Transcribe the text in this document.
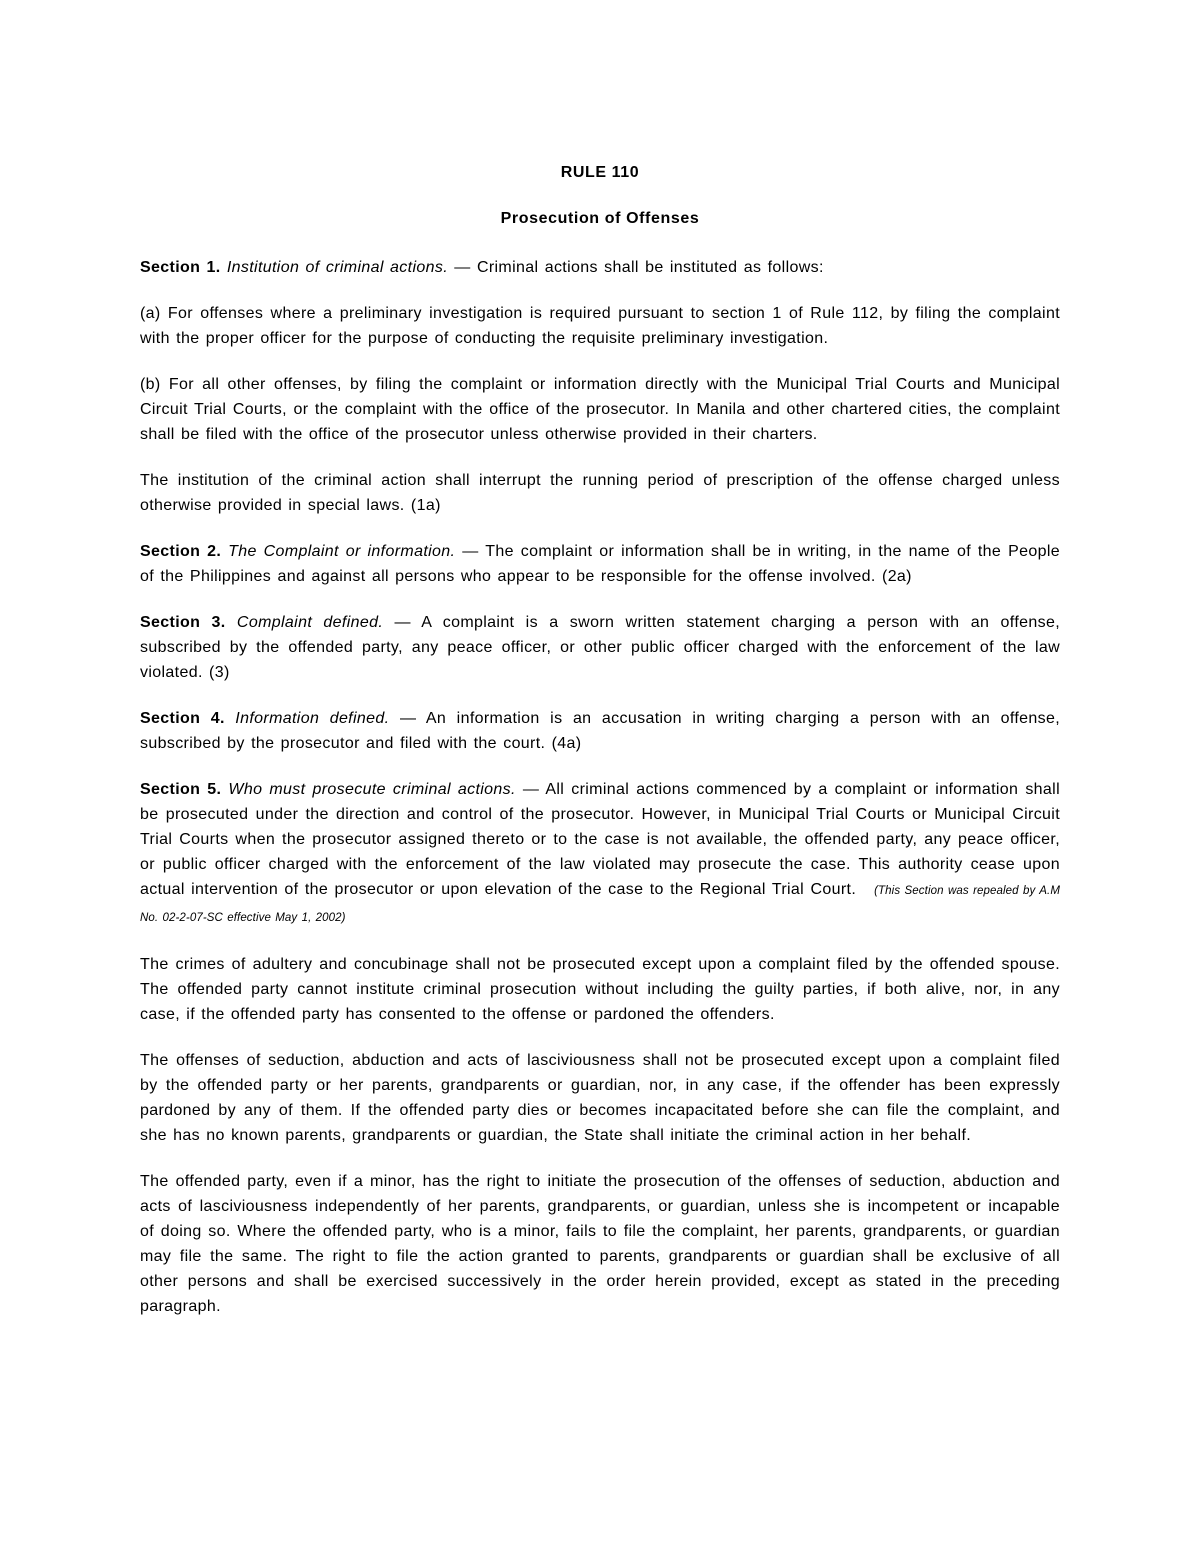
RULE 110
Prosecution of Offenses

Section 1. Institution of criminal actions. — Criminal actions shall be instituted as follows:

(a) For offenses where a preliminary investigation is required pursuant to section 1 of Rule 112, by filing the complaint with the proper officer for the purpose of conducting the requisite preliminary investigation.

(b) For all other offenses, by filing the complaint or information directly with the Municipal Trial Courts and Municipal Circuit Trial Courts, or the complaint with the office of the prosecutor. In Manila and other chartered cities, the complaint shall be filed with the office of the prosecutor unless otherwise provided in their charters.

The institution of the criminal action shall interrupt the running period of prescription of the offense charged unless otherwise provided in special laws. (1a)

Section 2. The Complaint or information. — The complaint or information shall be in writing, in the name of the People of the Philippines and against all persons who appear to be responsible for the offense involved. (2a)

Section 3. Complaint defined. — A complaint is a sworn written statement charging a person with an offense, subscribed by the offended party, any peace officer, or other public officer charged with the enforcement of the law violated. (3)

Section 4. Information defined. — An information is an accusation in writing charging a person with an offense, subscribed by the prosecutor and filed with the court. (4a)

Section 5. Who must prosecute criminal actions. — All criminal actions commenced by a complaint or information shall be prosecuted under the direction and control of the prosecutor. However, in Municipal Trial Courts or Municipal Circuit Trial Courts when the prosecutor assigned thereto or to the case is not available, the offended party, any peace officer, or public officer charged with the enforcement of the law violated may prosecute the case. This authority cease upon actual intervention of the prosecutor or upon elevation of the case to the Regional Trial Court. (This Section was repealed by A.M No. 02-2-07-SC effective May 1, 2002)

The crimes of adultery and concubinage shall not be prosecuted except upon a complaint filed by the offended spouse. The offended party cannot institute criminal prosecution without including the guilty parties, if both alive, nor, in any case, if the offended party has consented to the offense or pardoned the offenders.

The offenses of seduction, abduction and acts of lasciviousness shall not be prosecuted except upon a complaint filed by the offended party or her parents, grandparents or guardian, nor, in any case, if the offender has been expressly pardoned by any of them. If the offended party dies or becomes incapacitated before she can file the complaint, and she has no known parents, grandparents or guardian, the State shall initiate the criminal action in her behalf.

The offended party, even if a minor, has the right to initiate the prosecution of the offenses of seduction, abduction and acts of lasciviousness independently of her parents, grandparents, or guardian, unless she is incompetent or incapable of doing so. Where the offended party, who is a minor, fails to file the complaint, her parents, grandparents, or guardian may file the same. The right to file the action granted to parents, grandparents or guardian shall be exclusive of all other persons and shall be exercised successively in the order herein provided, except as stated in the preceding paragraph.
